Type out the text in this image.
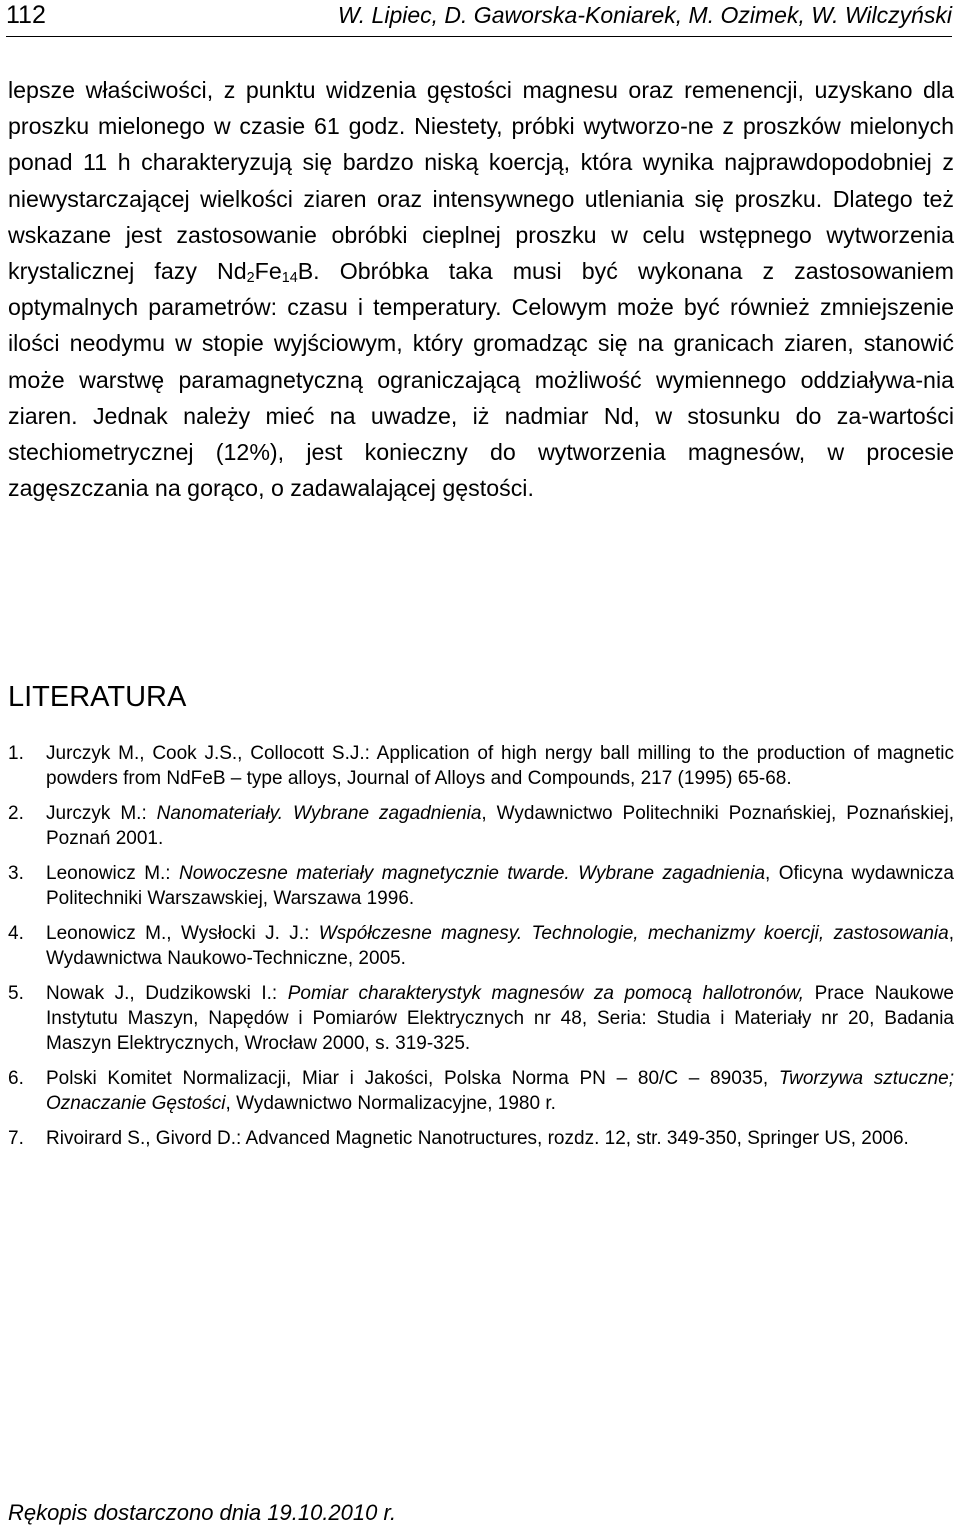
112	W. Lipiec, D. Gaworska-Koniarek, M. Ozimek, W. Wilczyński

lepsze właściwości, z punktu widzenia gęstości magnesu oraz remenencji, uzyskano dla proszku mielonego w czasie 61 godz. Niestety, próbki wytworzo-ne z proszków mielonych ponad 11 h charakteryzują się bardzo niską koercją, która wynika najprawdopodobniej z niewystarczającej wielkości ziaren oraz intensywnego utleniania się proszku. Dlatego też wskazane jest zastosowanie obróbki cieplnej proszku w celu wstępnego wytworzenia krystalicznej fazy $Nd_2Fe_{14}B$. Obróbka taka musi być wykonana z zastosowaniem optymalnych parametrów: czasu i temperatury. Celowym może być również zmniejszenie ilości neodymu w stopie wyjściowym, który gromadząc się na granicach ziaren, stanowić może warstwę paramagnetyczną ograniczającą możliwość wymiennego oddziaływa-nia ziaren. Jednak należy mieć na uwadze, iż nadmiar Nd, w stosunku do za-wartości stechiometrycznej (12%), jest konieczny do wytworzenia magnesów, w procesie zagęszczania na gorąco, o zadawalającej gęstości.

LITERATURA
1. Jurczyk M., Cook J.S., Collocott S.J.: Application of high nergy ball milling to the production of magnetic powders from NdFeB – type alloys, Journal of Alloys and Compounds, 217 (1995) 65-68.
2. Jurczyk M.: Nanomateriały. Wybrane zagadnienia, Wydawnictwo Politechniki Poznańskiej, Poznańskiej, Poznań 2001.
3. Leonowicz M.: Nowoczesne materiały magnetycznie twarde. Wybrane zagadnienia, Oficyna wydawnicza Politechniki Warszawskiej, Warszawa 1996.
4. Leonowicz M., Wysłocki J. J.: Współczesne magnesy. Technologie, mechanizmy koercji, zastosowania, Wydawnictwa Naukowo-Techniczne, 2005.
5. Nowak J., Dudzikowski I.: Pomiar charakterystyk magnesów za pomocą hallotronów, Prace Naukowe Instytutu Maszyn, Napędów i Pomiarów Elektrycznych nr 48, Seria: Studia i Materiały nr 20, Badania Maszyn Elektrycznych, Wrocław 2000, s. 319-325.
6. Polski Komitet Normalizacji, Miar i Jakości, Polska Norma PN – 80/C – 89035, Tworzywa sztuczne; Oznaczanie Gęstości, Wydawnictwo Normalizacyjne, 1980 r.
7. Rivoirard S., Givord D.: Advanced Magnetic Nanotructures, rozdz. 12, str. 349-350, Springer US, 2006.
Rękopis dostarczono dnia 19.10.2010 r.
